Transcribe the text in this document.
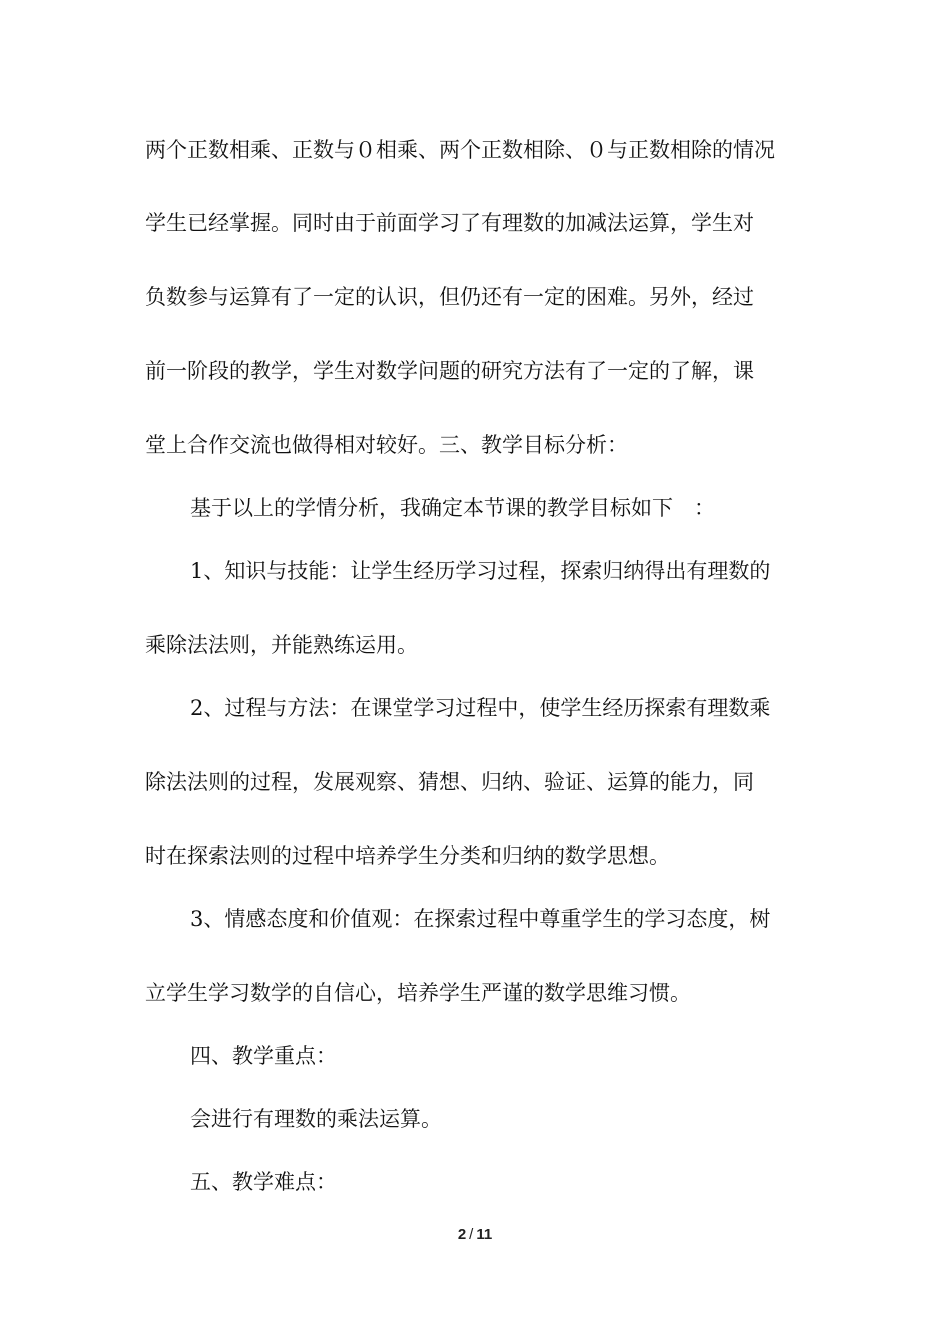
两个正数相乘、正数与０相乘、两个正数相除、０与正数相除的情况
学生已经掌握。同时由于前面学习了有理数的加减法运算，学生对
负数参与运算有了一定的认识，但仍还有一定的困难。另外，经过
前一阶段的教学，学生对数学问题的研究方法有了一定的了解，课
堂上合作交流也做得相对较好。三、教学目标分析：
基于以上的学情分析，我确定本节课的教学目标如下　：
1、知识与技能：让学生经历学习过程，探索归纳得出有理数的
乘除法法则，并能熟练运用。
2、过程与方法：在课堂学习过程中，使学生经历探索有理数乘
除法法则的过程，发展观察、猜想、归纳、验证、运算的能力，同
时在探索法则的过程中培养学生分类和归纳的数学思想。
3、情感态度和价值观：在探索过程中尊重学生的学习态度，树
立学生学习数学的自信心，培养学生严谨的数学思维习惯。
四、教学重点：
会进行有理数的乘法运算。
五、教学难点：
2 / 11
